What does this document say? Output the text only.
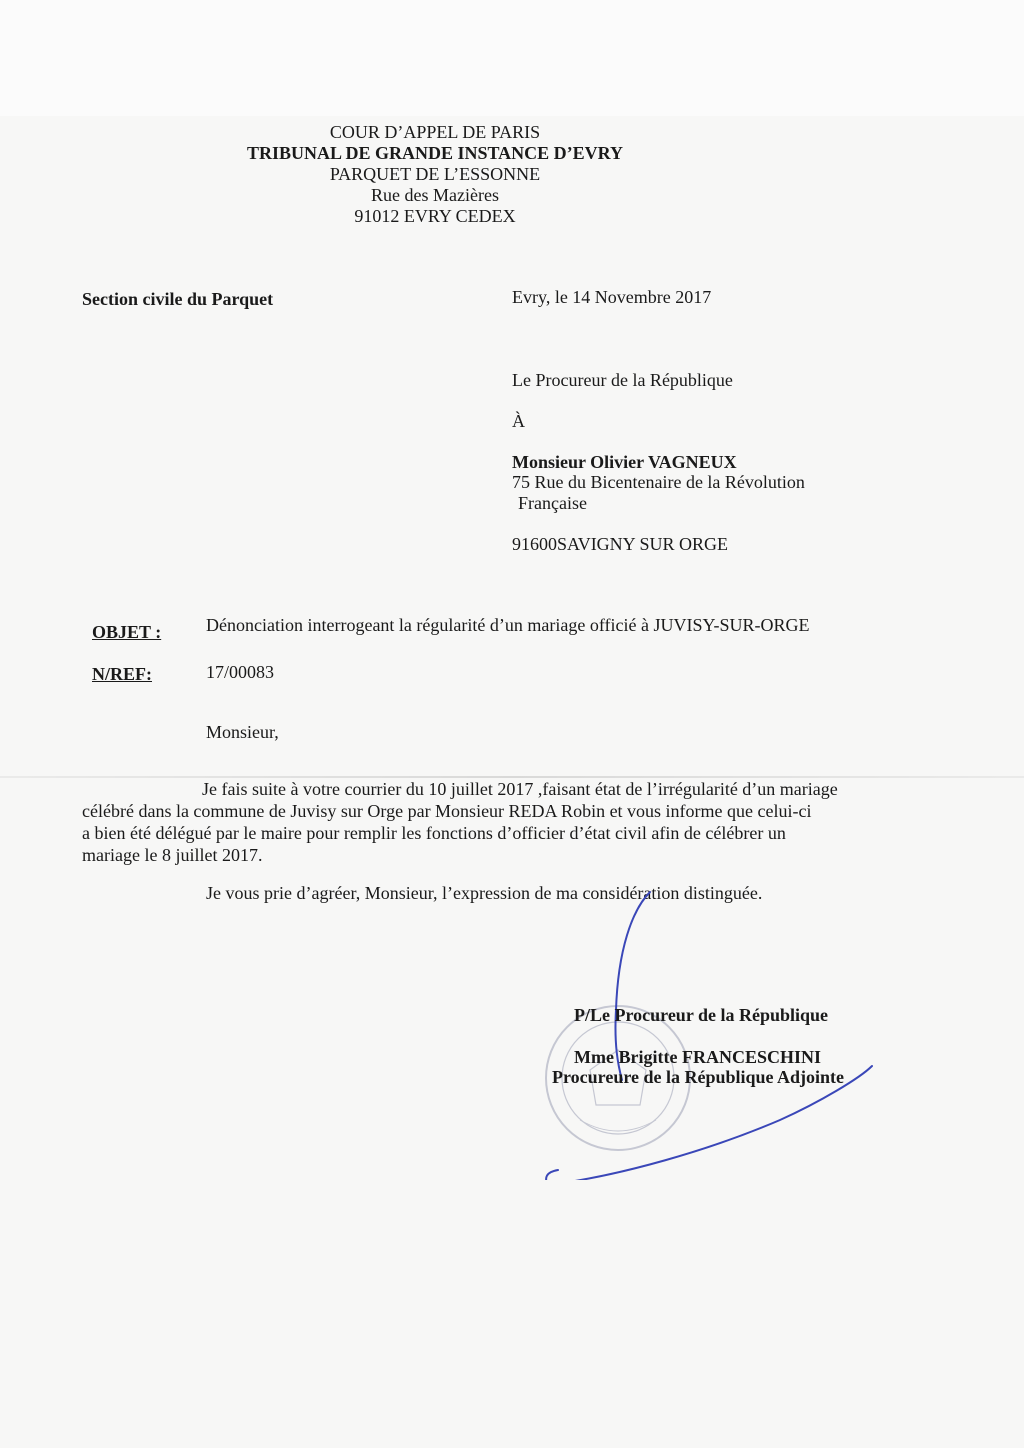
COUR D’APPEL DE PARIS
TRIBUNAL DE GRANDE INSTANCE D’EVRY
PARQUET DE L’ESSONNE
Rue des Mazières
91012 EVRY CEDEX
Section civile du Parquet	Evry, le 14 Novembre 2017
Le Procureur de la République
À
Monsieur Olivier VAGNEUX
75 Rue du Bicentenaire de la Révolution
Française
91600SAVIGNY SUR ORGE
OBJET : Dénonciation interrogeant la régularité d’un mariage officié à JUVISY-SUR-ORGE
N/REF:	17/00083
Monsieur,
Je fais suite à votre courrier du 10 juillet 2017 ,faisant état de l’irrégularité d’un mariage
célébré dans la commune de Juvisy sur Orge par Monsieur REDA Robin et vous informe que celui-ci
a bien été délégué par le maire pour remplir les fonctions d’officier d’état civil afin de célébrer un
mariage le 8 juillet 2017.
Je vous prie d’agréer, Monsieur, l’expression de ma considération distinguée.
P/Le Procureur de la République
Mme Brigitte FRANCESCHINI
Procureure de la République Adjointe
